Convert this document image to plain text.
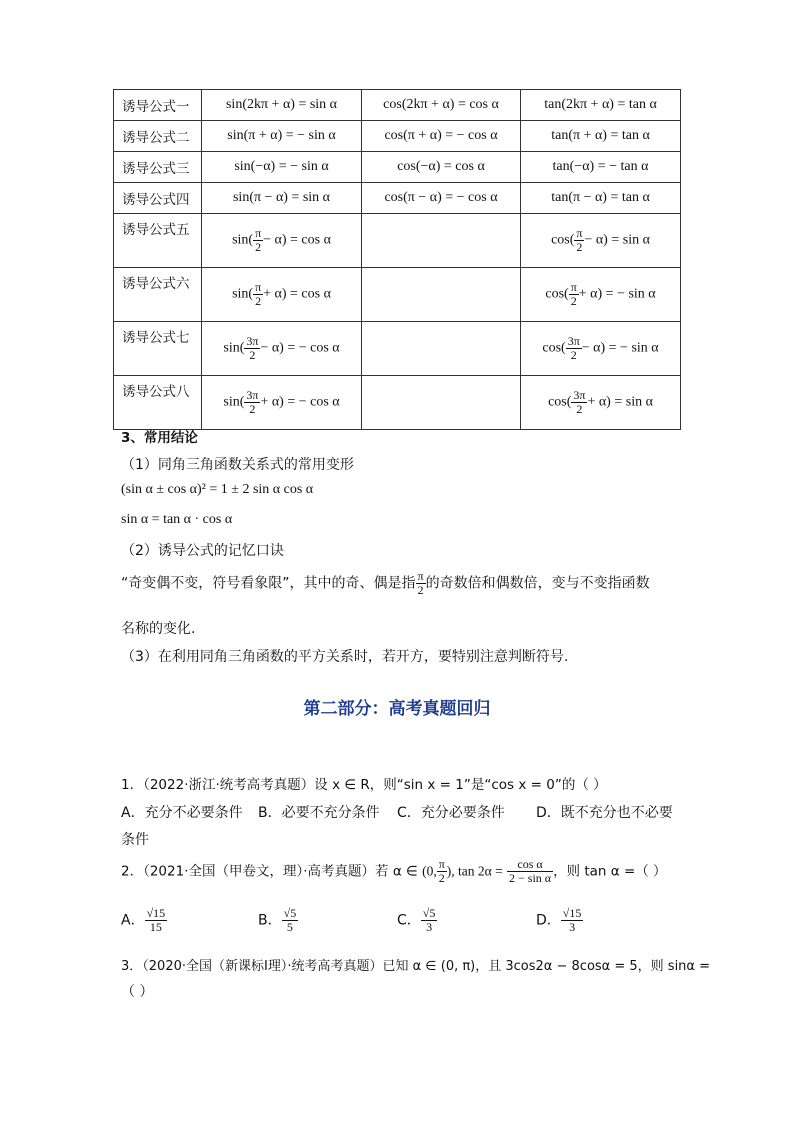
诱导公式一	sin(2kπ + α) = sin α	cos(2kπ + α) = cos α	tan(2kπ + α) = tan α
诱导公式二	sin(π + α) = − sin α	cos(π + α) = − cos α	tan(π + α) = tan α
诱导公式三	sin(−α) = − sin α	cos(−α) = cos α	tan(−α) = − tan α
诱导公式四	sin(π − α) = sin α	cos(π − α) = − cos α	tan(π − α) = tan α
诱导公式五	$\sin( \frac{\pi}{2} - \alpha) = \cos \alpha$		$\cos( \frac{\pi}{2} - \alpha) = \sin \alpha$
诱导公式六	$\sin( \frac{\pi}{2} + \alpha) = \cos \alpha$		$\cos( \frac{\pi}{2} + \alpha)$ = − sin α
诱导公式七	$\sin( \frac{3\pi}{2} - \alpha)$ = − cos α		$\cos( \frac{3\pi}{2} - \alpha)$ = − sin α
诱导公式八	$\sin( \frac{3\pi}{2} + \alpha)$ = − cos α		$\cos( \frac{3\pi}{2} + \alpha) = \sin \alpha$
3、常用结论
（1）同角三角函数关系式的常用变形
(sin α ± cos α)² = 1 ± 2 sin α cos α
sin α = tan α · cos α
（2）诱导公式的记忆口诀
“奇变偶不变，符号看象限”，其中的奇、偶是指 $\frac{\pi}{2}$ 的奇数倍和偶数倍，变与不变指函数
名称的变化.
（3）在利用同角三角函数的平方关系时，若开方，要特别注意判断符号.
第二部分：高考真题回归
1．（2022·浙江·统考高考真题）设 x ∈ R，则“sin x = 1”是“cos x = 0”的（ ）
A．充分不必要条件 B．必要不充分条件 C．充分必要条件 D．既不充分也不必要
条件
2．（2021·全国（甲卷文，理）·高考真题）若 α ∈ (0, $\frac{\pi}{2}$ ), $\tan 2\alpha = \frac{\text{cos α}}{\text{2 − sin α}}$ ，则 tan α =（ ）
A． $\frac{√15}{15}$	B． $\frac{√5}{5}$	C． $\frac{√5}{3}$	D． $\frac{√15}{3}$
3．（2020·全国（新课标Ⅰ理）·统考高考真题）已知 α ∈ (0, π)，且 3cos2α − 8cosα = 5，则 sinα =
（ ）
